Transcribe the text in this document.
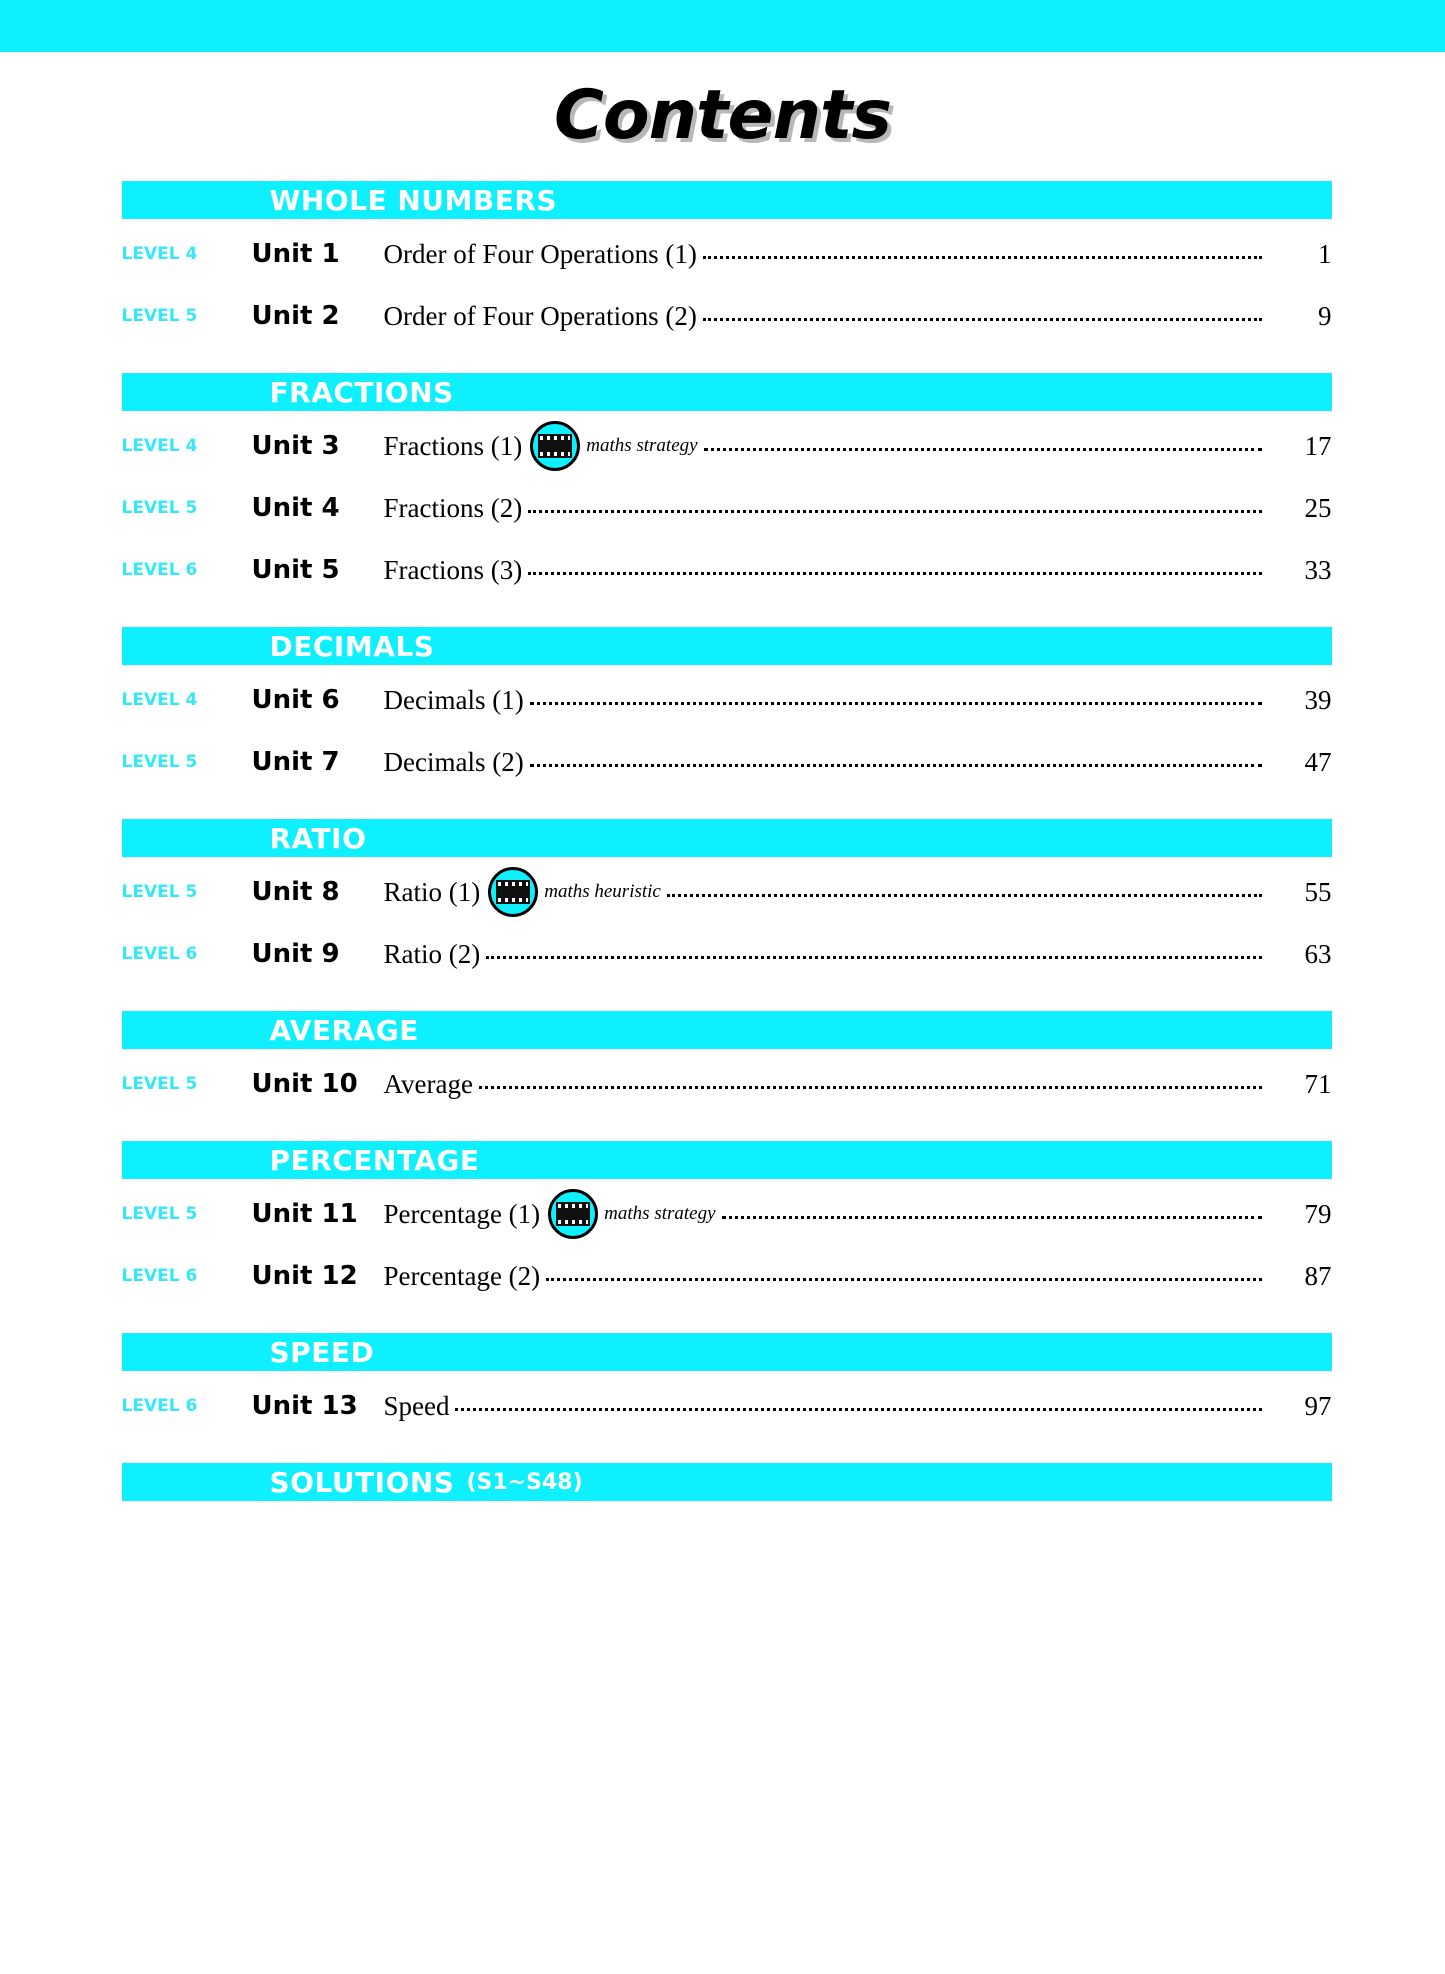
Contents
WHOLE NUMBERS
LEVEL 4	Unit 1	Order of Four Operations (1)	1
LEVEL 5	Unit 2	Order of Four Operations (2)	9
FRACTIONS
LEVEL 4	Unit 3	Fractions (1)	maths strategy	17
LEVEL 5	Unit 4	Fractions (2)	25
LEVEL 6	Unit 5	Fractions (3)	33
DECIMALS
LEVEL 4	Unit 6	Decimals (1)	39
LEVEL 5	Unit 7	Decimals (2)	47
RATIO
LEVEL 5	Unit 8	Ratio (1)	maths heuristic	55
LEVEL 6	Unit 9	Ratio (2)	63
AVERAGE
LEVEL 5	Unit 10 Average	71
PERCENTAGE
LEVEL 5	Unit 11 Percentage (1)	maths strategy	79
LEVEL 6	Unit 12 Percentage (2)	87
SPEED
LEVEL 6	Unit 13 Speed	97
SOLUTIONS (S1~S48)
